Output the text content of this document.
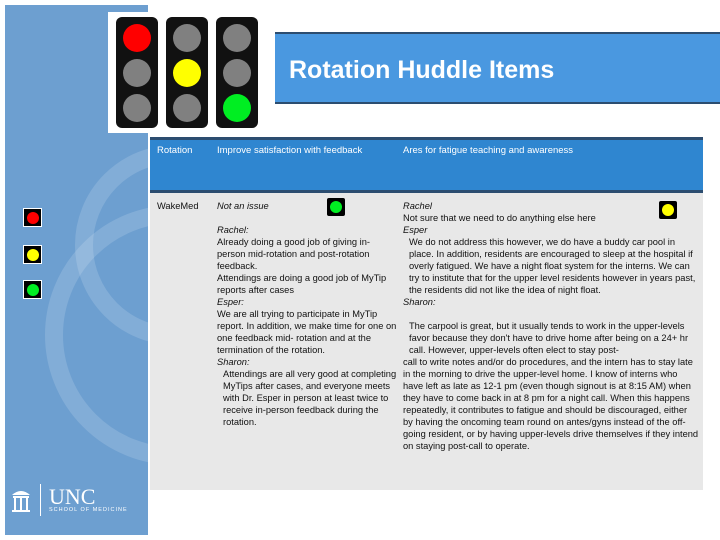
Rotation Huddle Items
Rotation	Improve satisfaction with feedback	Ares for fatigue teaching and awareness
WakeMed Not an issue

Rachel:
Already doing a good job of giving in-person mid-rotation and post-rotation feedback.
Attendings are doing a good job of MyTip reports after cases
Esper:
We are all trying to participate in MyTip report. In addition, we make time for one on one feedback mid- rotation and at the termination of the rotation.
Sharon:
Attendings are all very good at completing MyTips after cases, and everyone meets with Dr. Esper in person at least twice to receive in-person feedback during the rotation.
Rachel
Not sure that we need to do anything else here
Esper
We do not address this however, we do have a buddy car pool in place. In addition, residents are encouraged to sleep at the hospital if overly fatigued. We have a night float system for the interns. We can try to institute that for the upper level residents however in years past, the residents did not like the idea of night float.
Sharon:

The carpool is great, but it usually tends to work in the upper-levels favor because they don't have to drive home after being on a 24+ hr call. However, upper-levels often elect to stay post-
call to write notes and/or do procedures, and the intern has to stay late in the morning to drive the upper-level home. I know of interns who have left as late as 12-1 pm (even though signout is at 8:15 AM) when they have to come back in at 8 pm for a night call. When this happens repeatedly, it contributes to fatigue and should be discouraged, either by having the oncoming team round on antes/gyns instead of the off-going resident, or by having upper-levels drive themselves if they intend on staying post-call to operate.
UNC
SCHOOL OF MEDICINE
